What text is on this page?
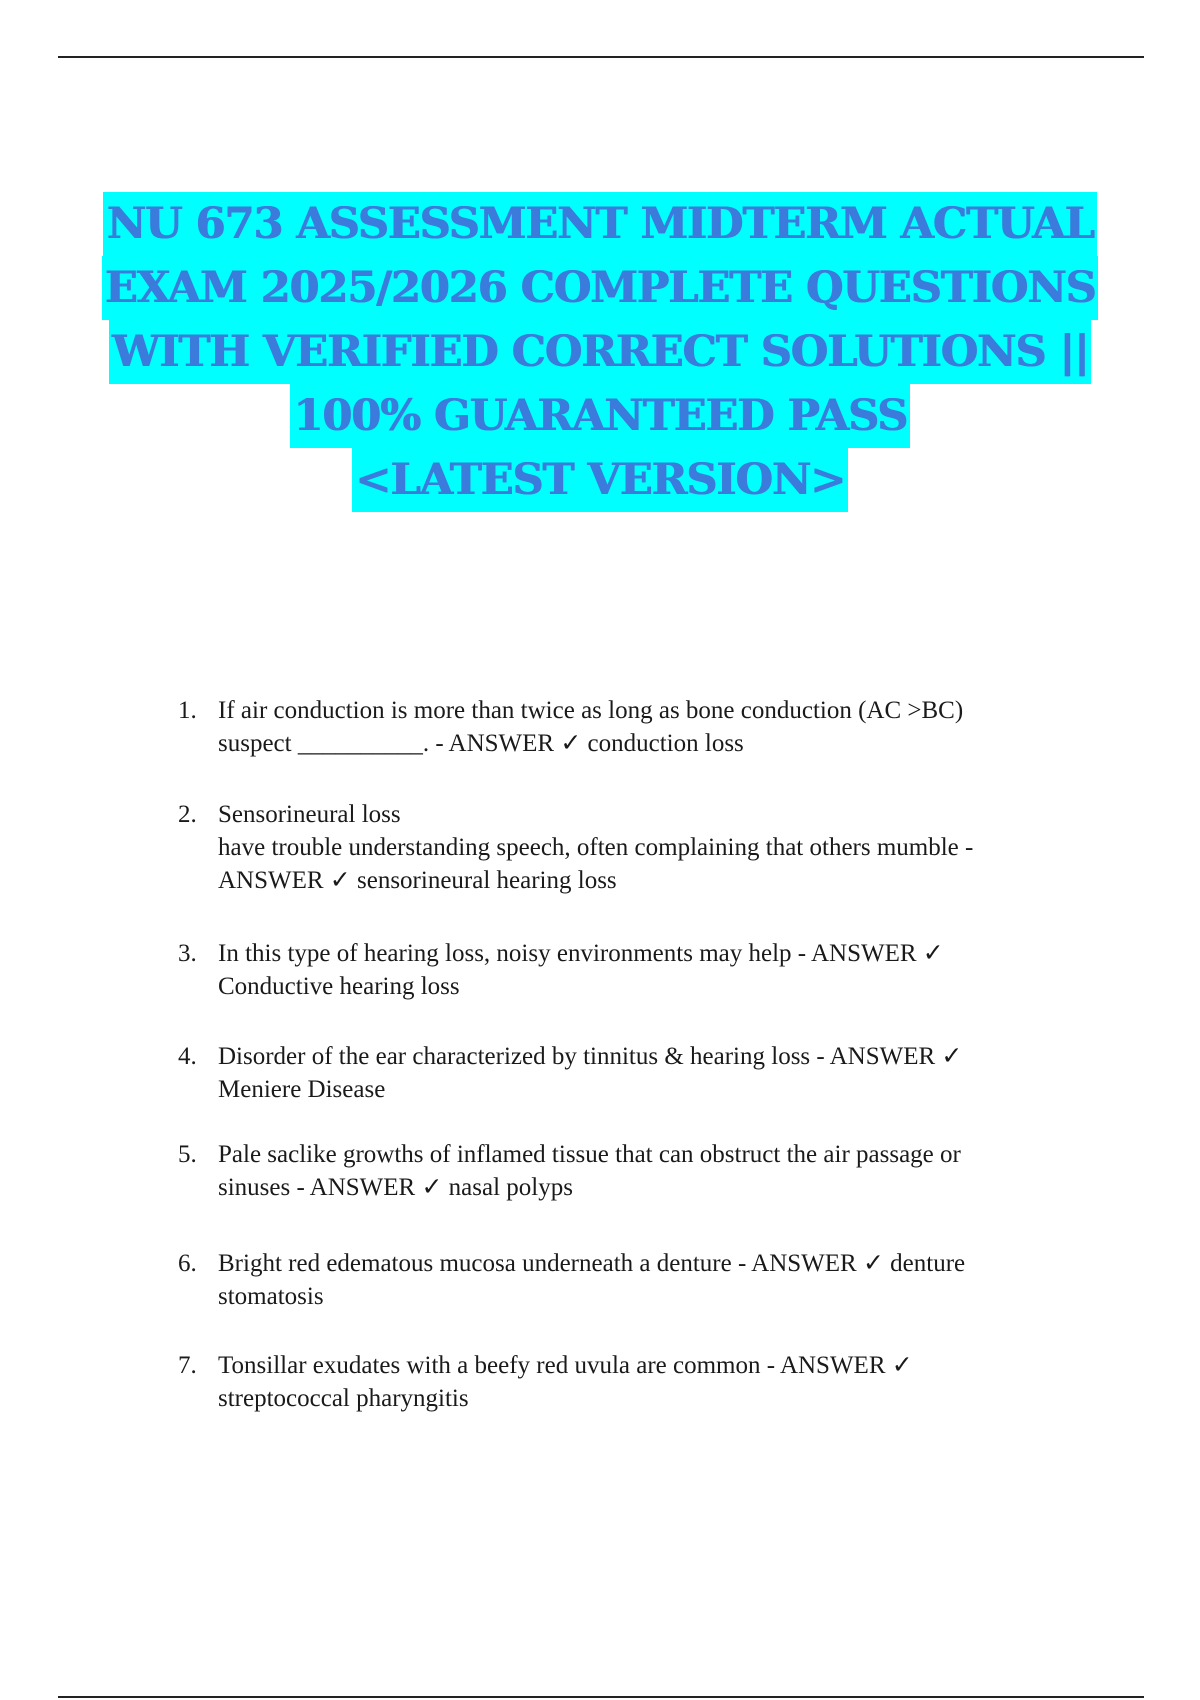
NU 673 ASSESSMENT MIDTERM ACTUAL
EXAM 2025/2026 COMPLETE QUESTIONS
WITH VERIFIED CORRECT SOLUTIONS ||
100% GUARANTEED PASS
<LATEST VERSION>
1. If air conduction is more than twice as long as bone conduction (AC >BC)
suspect __________. - ANSWER ✓ conduction loss
2. Sensorineural loss
have trouble understanding speech, often complaining that others mumble -
ANSWER ✓ sensorineural hearing loss
3. In this type of hearing loss, noisy environments may help - ANSWER ✓
Conductive hearing loss
4. Disorder of the ear characterized by tinnitus & hearing loss - ANSWER ✓
Meniere Disease
5. Pale saclike growths of inflamed tissue that can obstruct the air passage or
sinuses - ANSWER ✓ nasal polyps
6. Bright red edematous mucosa underneath a denture - ANSWER ✓ denture
stomatosis
7. Tonsillar exudates with a beefy red uvula are common - ANSWER ✓
streptococcal pharyngitis
